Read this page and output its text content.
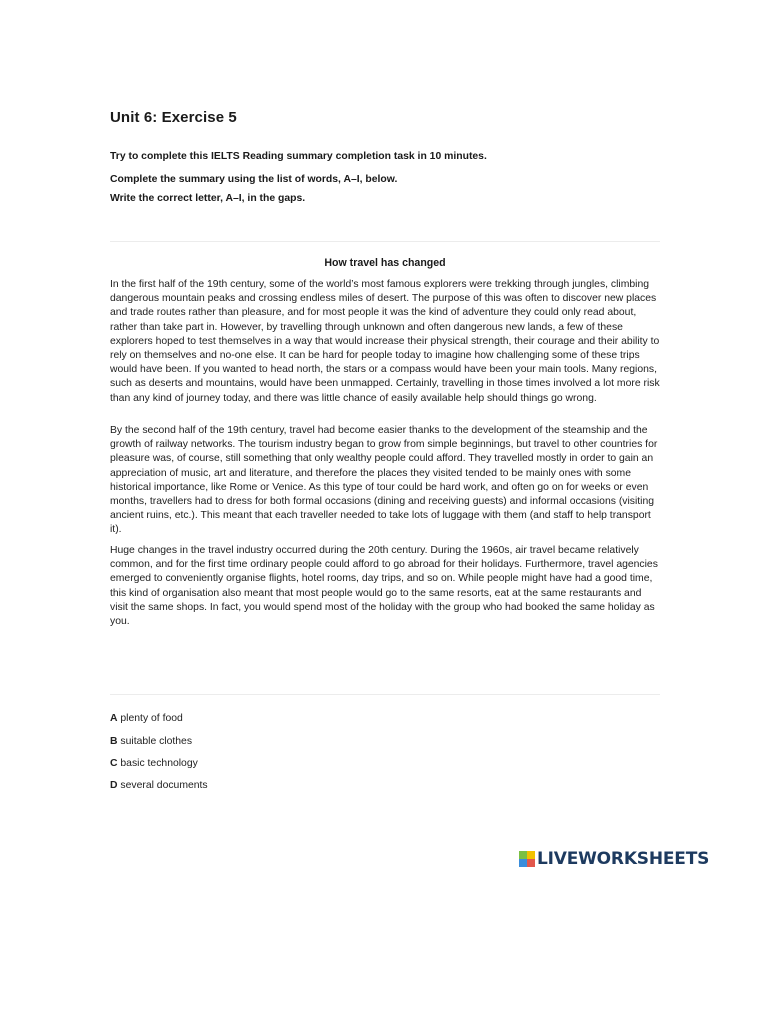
Unit 6: Exercise 5
Try to complete this IELTS Reading summary completion task in 10 minutes.
Complete the summary using the list of words, A–I, below.
Write the correct letter, A–I, in the gaps.
How travel has changed
In the first half of the 19th century, some of the world’s most famous explorers were trekking through jungles, climbing dangerous mountain peaks and crossing endless miles of desert. The purpose of this was often to discover new places and trade routes rather than pleasure, and for most people it was the kind of adventure they could only read about, rather than take part in. However, by travelling through unknown and often dangerous new lands, a few of these explorers hoped to test themselves in a way that would increase their physical strength, their courage and their ability to rely on themselves and no-one else. It can be hard for people today to imagine how challenging some of these trips would have been. If you wanted to head north, the stars or a compass would have been your main tools. Many regions, such as deserts and mountains, would have been unmapped. Certainly, travelling in those times involved a lot more risk than any kind of journey today, and there was little chance of easily available help should things go wrong.
By the second half of the 19th century, travel had become easier thanks to the development of the steamship and the growth of railway networks. The tourism industry began to grow from simple beginnings, but travel to other countries for pleasure was, of course, still something that only wealthy people could afford. They travelled mostly in order to gain an appreciation of music, art and literature, and therefore the places they visited tended to be mainly ones with some historical importance, like Rome or Venice. As this type of tour could be hard work, and often go on for weeks or even months, travellers had to dress for both formal occasions (dining and receiving guests) and informal occasions (visiting ancient ruins, etc.). This meant that each traveller needed to take lots of luggage with them (and staff to help transport it).
Huge changes in the travel industry occurred during the 20th century. During the 1960s, air travel became relatively common, and for the first time ordinary people could afford to go abroad for their holidays. Furthermore, travel agencies emerged to conveniently organise flights, hotel rooms, day trips, and so on. While people might have had a good time, this kind of organisation also meant that most people would go to the same resorts, eat at the same restaurants and visit the same shops. In fact, you would spend most of the holiday with the group who had booked the same holiday as you.
A plenty of food
B suitable clothes
C basic technology
D several documents
LIVEWORKSHEETS
